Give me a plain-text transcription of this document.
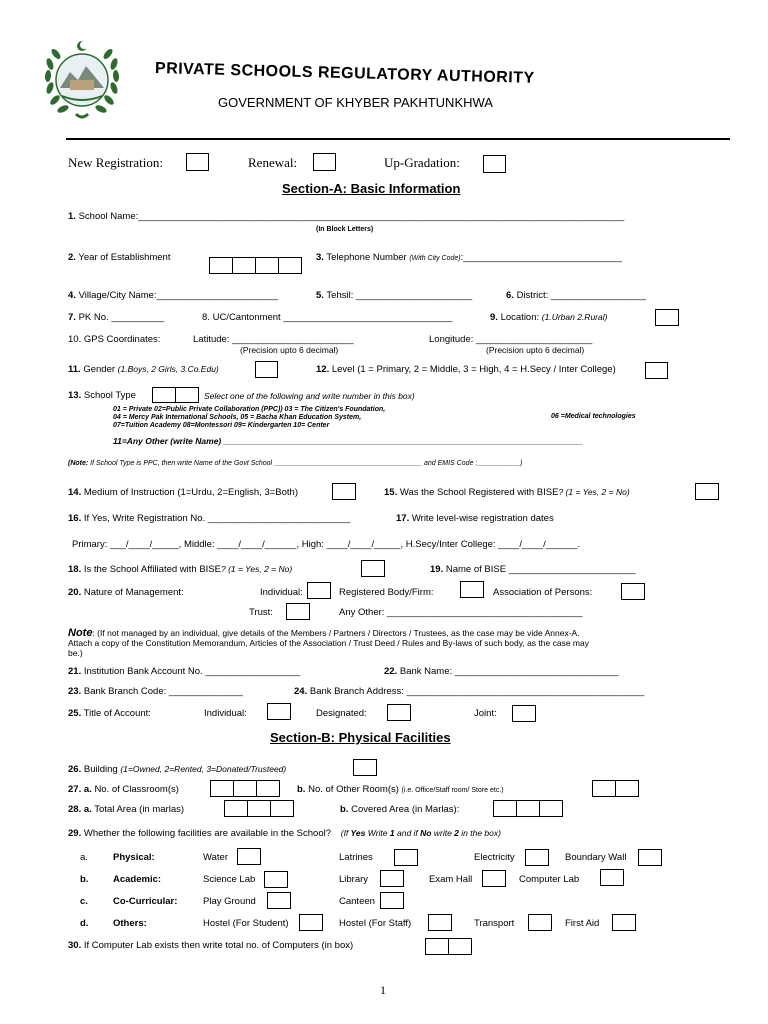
PRIVATE SCHOOLS REGULATORY AUTHORITY
GOVERNMENT OF KHYBER PAKHTUNKHWA
New Registration:	Renewal:	Up-Gradation:
Section-A: Basic Information
1. School Name:____________________________________________________________________________________________
(In Block Letters)
2. Year of Establishment	3. Telephone Number (With City Code):______________________________
4. Village/City Name:_______________________	5. Tehsil: ______________________	6. District: __________________
7. PK No. __________	8. UC/Cantonment ________________________________	9. Location: (1.Urban 2.Rural)
10. GPS Coordinates:	Latitude: _______________________
(Precision upto 6 decimal)
Longitude: ______________________
(Precision upto 6 decimal)
11. Gender (1.Boys, 2 Girls, 3.Co.Edu)	12. Level (1 = Primary, 2 = Middle, 3 = High, 4 = H.Secy / Inter College)
13. School Type	Select one of the following and write number in this box)
01 = Private 02=Public Private Collaboration (PPC)) 03 = The Citizen's Foundation,
06 =Medical technologies
04 = Mercy Pak International Schools, 05 = Bacha Khan Education System,
07=Tuition Academy 08=Montessori 09= Kindergarten 10= Center
11=Any Other (write Name) ____________________________________________________________________________
(Note: If School Type is PPC, then write Name of the Govt School ______________________________________ and EMIS Code :___________)
14. Medium of Instruction (1=Urdu, 2=English, 3=Both)	15. Was the School Registered with BISE? (1 = Yes, 2 = No)
16. If Yes, Write Registration No. ___________________________	17. Write level-wise registration dates
Primary: ___/____/_____, Middle: ____/____/______, High: ____/____/_____, H.Secy/Inter College: ____/____/______.
18. Is the School Affiliated with BISE? (1 = Yes, 2 = No)	19. Name of BISE ________________________
20. Nature of Management:	Individual:	Registered Body/Firm:	Association of Persons:
Trust:	Any Other: _____________________________________
Note: (If not managed by an individual, give details of the Members / Partners / Directors / Trustees, as the case may be vide Annex-A.
Attach a copy of the Constitution Memorandum, Articles of the Association / Trust Deed / Rules and By-laws of such body, as the case may
be.)
21. Institution Bank Account No. __________________	22. Bank Name: _______________________________
23. Bank Branch Code: ______________	24. Bank Branch Address: _____________________________________________
25. Title of Account:	Individual:	Designated:	Joint:
Section-B: Physical Facilities
26. Building (1=Owned, 2=Rented, 3=Donated/Trusteed)
27. a. No. of Classroom(s)	b. No. of Other Room(s) (i.e. Office/Staff room/ Store etc.)
28. a. Total Area (in marlas)	b. Covered Area (in Marlas):
29. Whether the following facilities are available in the School? (If Yes Write 1 and if No write 2 in the box)
a.	Physical:	Water	Latrines	Electricity	Boundary Wall
b.	Academic:	Science Lab	Library	Exam Hall	Computer Lab
c.	Co-Curricular:	Play Ground	Canteen
d.	Others:	Hostel (For Student)	Hostel (For Staff)	Transport	First Aid
30. If Computer Lab exists then write total no. of Computers (in box)
1
